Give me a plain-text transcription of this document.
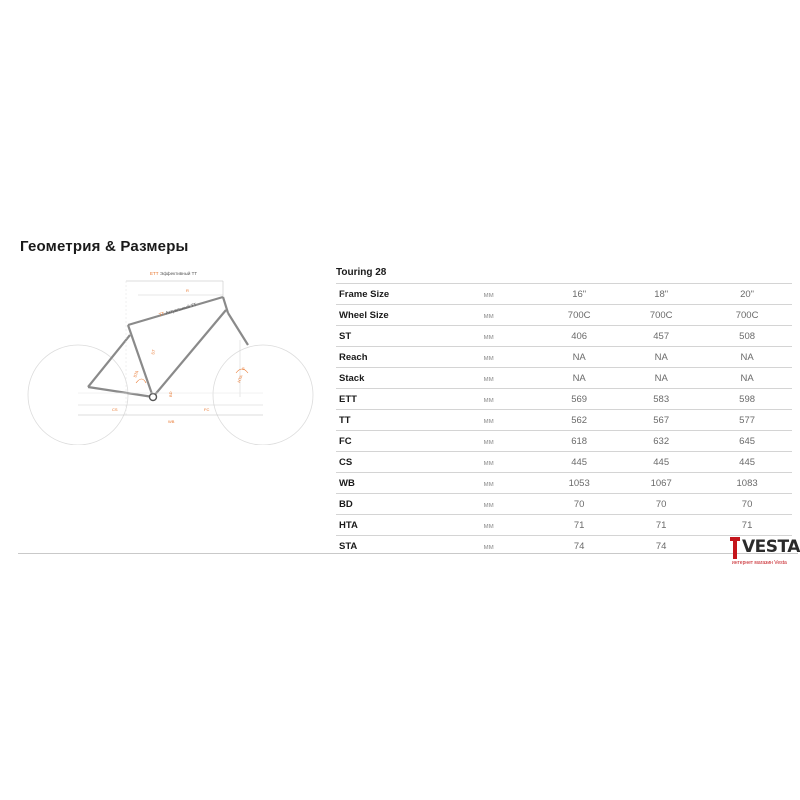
Геометрия & Размеры
ETT Эффективный TT
R
TT Актуальный TT
S
ST
STA
HTA
BD
CS	FC
WB
Touring 28
Frame Size	мм	16"	18"	20"
Wheel Size	мм	700C	700C	700C
ST	мм	406	457	508
Reach	мм	NA	NA	NA
Stack	мм	NA	NA	NA
ETT	мм	569	583	598
TT	мм	562	567	577
FC	мм	618	632	645
CS	мм	445	445	445
WB	мм	1053	1067	1083
BD	мм	70	70	70
HTA	мм	71	71	71
STA	мм	74	74	VESTA
интернет магазин Vesta
